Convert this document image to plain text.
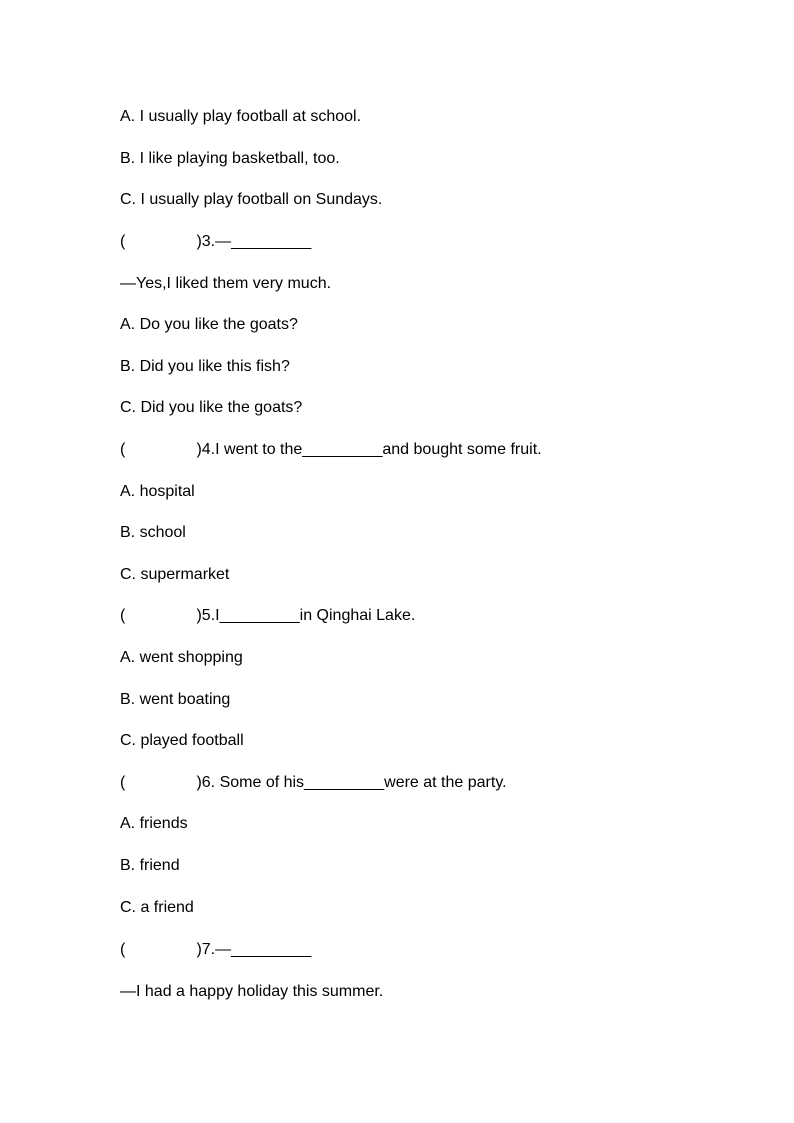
A. I usually play football at school.
B. I like playing basketball, too.
C. I usually play football on Sundays.
(                )3.—_________
—Yes,I liked them very much.
A. Do you like the goats?
B. Did you like this fish?
C. Did you like the goats?
(                )4.I went to the_________and bought some fruit.
A. hospital
B. school
C. supermarket
(                )5.I_________in Qinghai Lake.
A. went shopping
B. went boating
C. played football
(                )6. Some of his_________were at the party.
A. friends
B. friend
C. a friend
(                )7.—_________
—I had a happy holiday this summer.
